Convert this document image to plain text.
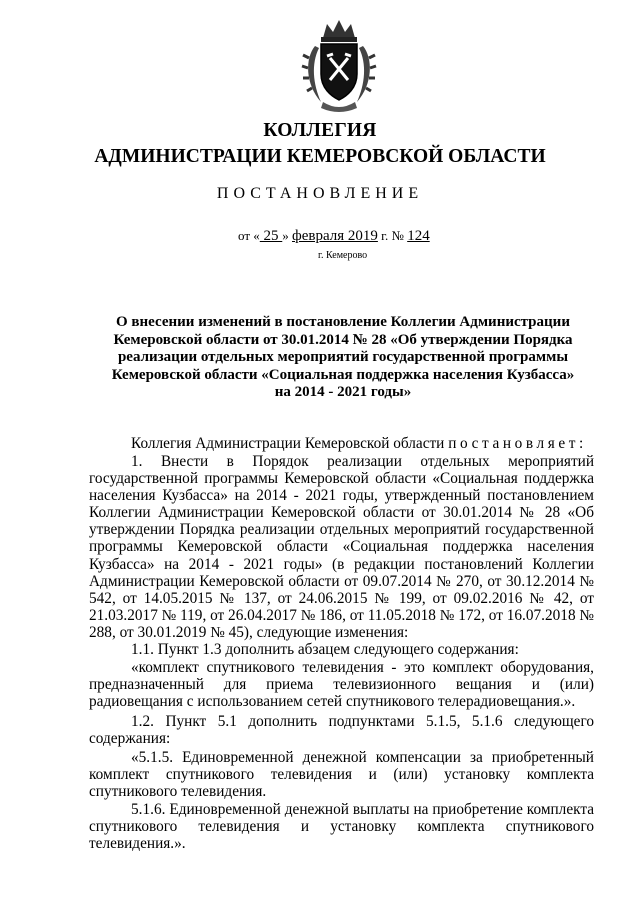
КОЛЛЕГИЯ
АДМИНИСТРАЦИИ КЕМЕРОВСКОЙ ОБЛАСТИ
ПОСТАНОВЛЕНИЕ
от « 25 » февраля 2019 г. № 124
г. Кемерово
О внесении изменений в постановление Коллегии Администрации
Кемеровской области от 30.01.2014 № 28 «Об утверждении Порядка
реализации отдельных мероприятий государственной программы
Кемеровской области «Социальная поддержка населения Кузбасса»
на 2014 - 2021 годы»

Коллегия Администрации Кемеровской области постановляет:

1. Внести в Порядок реализации отдельных мероприятий
государственной программы Кемеровской области «Социальная поддержка населения Кузбасса» на 2014 - 2021 годы, утвержденный постановлением Коллегии Администрации Кемеровской области от 30.01.2014 № 28 «Об утверждении Порядка реализации отдельных мероприятий государственной программы Кемеровской области «Социальная поддержка населения Кузбасса» на 2014 - 2021 годы» (в редакции постановлений Коллегии Администрации Кемеровской области от 09.07.2014 № 270, от 30.12.2014 № 542, от 14.05.2015 № 137, от 24.06.2015 № 199, от 09.02.2016 № 42, от 21.03.2017 № 119, от 26.04.2017 № 186, от 11.05.2018 № 172, от 16.07.2018 № 288, от 30.01.2019 № 45), следующие изменения:

1.1. Пункт 1.3 дополнить абзацем следующего содержания:

«комплект спутникового телевидения - это комплект оборудования, предназначенный для приема телевизионного вещания и (или) радиовещания с использованием сетей спутникового телерадиовещания.».

1.2. Пункт 5.1 дополнить подпунктами 5.1.5, 5.1.6 следующего содержания:

«5.1.5. Единовременной денежной компенсации за приобретенный комплект спутникового телевидения и (или) установку комплекта спутникового телевидения.

5.1.6. Единовременной денежной выплаты на приобретение комплекта спутникового телевидения и установку комплекта спутникового телевидения.».
